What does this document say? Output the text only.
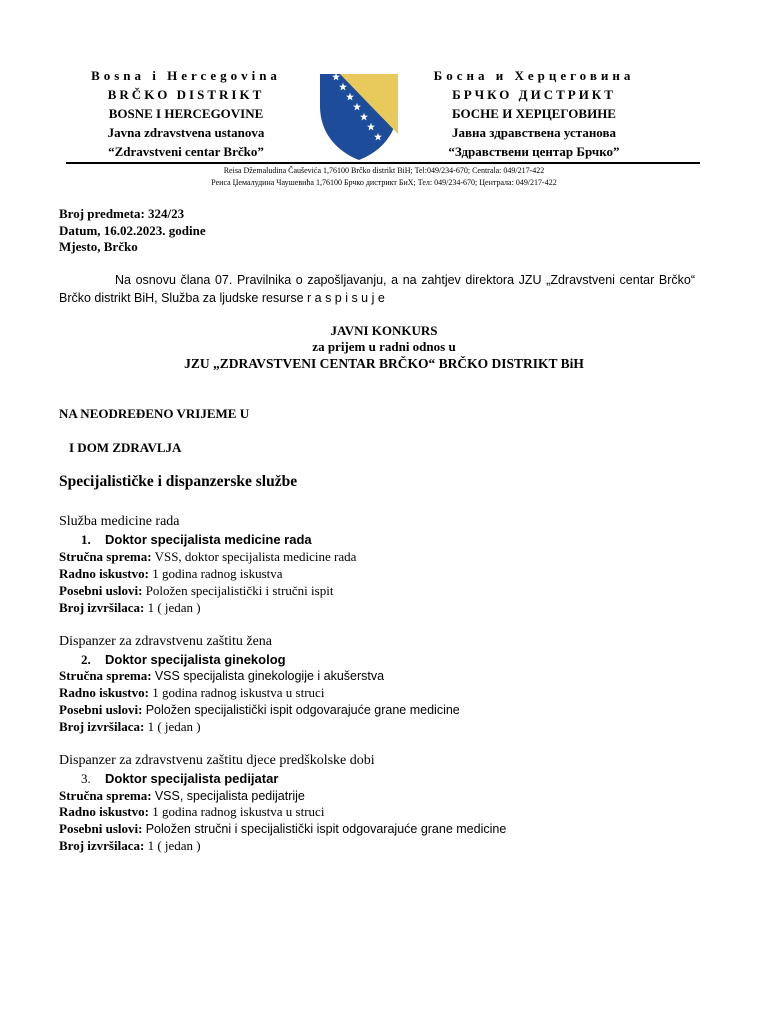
Bosna i Hercegovina
BRČKO DISTRIKT
BOSNE I HERCEGOVINE
Javna zdravstvena ustanova
“Zdravstveni centar Brčko”
Босна и Херцеговина
БРЧКО ДИСТРИКТ
БОСНЕ И ХЕРЦЕГОВИНЕ
Јавна здравствена установа
“Здравствени центар Брчко”
Reisa Džemaludina Čauševića 1,76100 Brčko distrikt BiH; Tel:049/234-670; Centrala: 049/217-422
Реиса Џемалудина Чаушевића 1,76100 Брчко дистрикт БиХ; Тел: 049/234-670; Централа: 049/217-422
Broj predmeta: 324/23
Datum, 16.02.2023. godine
Mjesto, Brčko
Na osnovu člana 07. Pravilnika o zapošljavanju, a na zahtjev direktora JZU „Zdravstveni centar Brčko“ Brčko distrikt BiH, Služba za ljudske resurse r a s p i s u j e
JAVNI KONKURS
za prijem u radni odnos u
JZU „ZDRAVSTVENI CENTAR BRČKO“ BRČKO DISTRIKT BiH
NA NEODREĐENO VRIJEME U
I DOM ZDRAVLJA
Specijalističke i dispanzerske službe
Služba medicine rada
1. Doktor specijalista medicine rada
Stručna sprema: VSS, doktor specijalista medicine rada
Radno iskustvo: 1 godina radnog iskustva
Posebni uslovi: Položen specijalistički i stručni ispit
Broj izvršilaca: 1 ( jedan )
Dispanzer za zdravstvenu zaštitu žena
2. Doktor specijalista ginekolog
Stručna sprema: VSS specijalista ginekologije i akušerstva
Radno iskustvo: 1 godina radnog iskustva u struci
Posebni uslovi: Položen specijalistički ispit odgovarajuće grane medicine
Broj izvršilaca: 1 ( jedan )
Dispanzer za zdravstvenu zaštitu djece predškolske dobi
3. Doktor specijalista pedijatar
Stručna sprema: VSS, specijalista pedijatrije
Radno iskustvo: 1 godina radnog iskustva u struci
Posebni uslovi: Položen stručni i specijalistički ispit odgovarajuće grane medicine
Broj izvršilaca: 1 ( jedan )
